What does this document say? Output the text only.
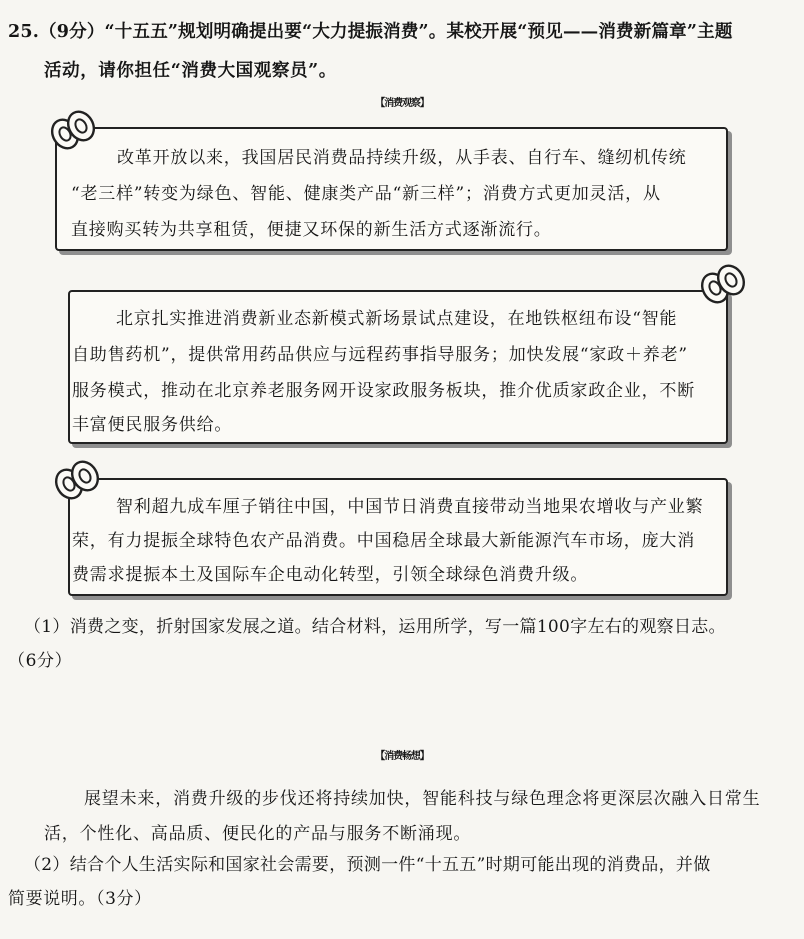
25.（9分）“十五五”规划明确提出要“大力提振消费”。某校开展“预见——消费新篇章”主题
活动，请你担任“消费大国观察员”。
【消费观察】
改革开放以来，我国居民消费品持续升级，从手表、自行车、缝纫机传统
“老三样”转变为绿色、智能、健康类产品“新三样”；消费方式更加灵活，从
直接购买转为共享租赁，便捷又环保的新生活方式逐渐流行。
北京扎实推进消费新业态新模式新场景试点建设，在地铁枢纽布设“智能
自助售药机”，提供常用药品供应与远程药事指导服务；加快发展“家政＋养老”
服务模式，推动在北京养老服务网开设家政服务板块，推介优质家政企业，不断
丰富便民服务供给。
智利超九成车厘子销往中国，中国节日消费直接带动当地果农增收与产业繁
荣，有力提振全球特色农产品消费。中国稳居全球最大新能源汽车市场，庞大消
费需求提振本土及国际车企电动化转型，引领全球绿色消费升级。
（1）消费之变，折射国家发展之道。结合材料，运用所学，写一篇100字左右的观察日志。
（6分）
【消费畅想】
展望未来，消费升级的步伐还将持续加快，智能科技与绿色理念将更深层次融入日常生
活，个性化、高品质、便民化的产品与服务不断涌现。
（2）结合个人生活实际和国家社会需要，预测一件“十五五”时期可能出现的消费品，并做
简要说明。（3分）
